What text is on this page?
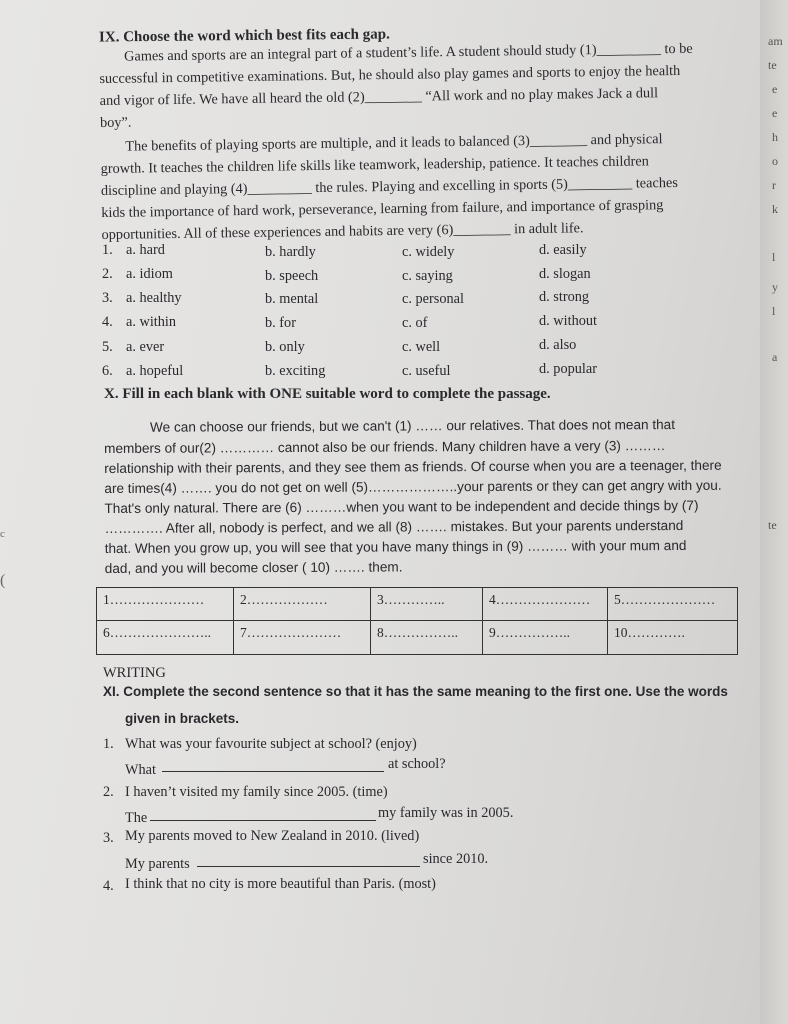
IX. Choose the word which best fits each gap.
Games and sports are an integral part of a student’s life. A student should study (1)_________ to be
successful in competitive examinations. But, he should also play games and sports to enjoy the health
and vigor of life. We have all heard the old (2)________ “All work and no play makes Jack a dull
boy”.
The benefits of playing sports are multiple, and it leads to balanced (3)________ and physical
growth. It teaches the children life skills like teamwork, leadership, patience. It teaches children
discipline and playing (4)_________ the rules. Playing and excelling in sports (5)_________ teaches
kids the importance of hard work, perseverance, learning from failure, and importance of grasping
opportunities. All of these experiences and habits are very (6)________ in adult life.
1. a. hard	b. hardly	c. widely	d. easily
2. a. idiom	b. speech	c. saying	d. slogan
3. a. healthy	b. mental	c. personal	d. strong
4. a. within	b. for	c. of	d. without
5. a. ever	b. only	c. well	d. also
6. a. hopeful	b. exciting	c. useful	d. popular
X. Fill in each blank with ONE suitable word to complete the passage.
We can choose our friends, but we can't (1) …… our relatives. That does not mean that
members of our(2) ………… cannot also be our friends. Many children have a very (3) ………
relationship with their parents, and they see them as friends. Of course when you are a teenager, there
are times(4) ……. you do not get on well (5)………………..your parents or they can get angry with you.
That's only natural. There are (6) ………when you want to be independent and decide things by (7)
…………. After all, nobody is perfect, and we all (8) ……. mistakes. But your parents understand
that. When you grow up, you will see that you have many things in (9) ……… with your mum and
dad, and you will become closer ( 10) ……. them.
1…………………	2………………	3…………..	4…………………	5…………………
6…………………..	7…………………	8……………..	9……………..	10………….
WRITING
XI. Complete the second sentence so that it has the same meaning to the first one. Use the words
given in brackets.
1. What was your favourite subject at school? (enjoy)
What	at school?
2. I haven’t visited my family since 2005. (time)
The	my family was in 2005.
3. My parents moved to New Zealand in 2010. (lived)
My parents	since 2010.
4. I think that no city is more beautiful than Paris. (most)
c
(
am
te
e
e
h
o
r
k
l
y
l
a
te
